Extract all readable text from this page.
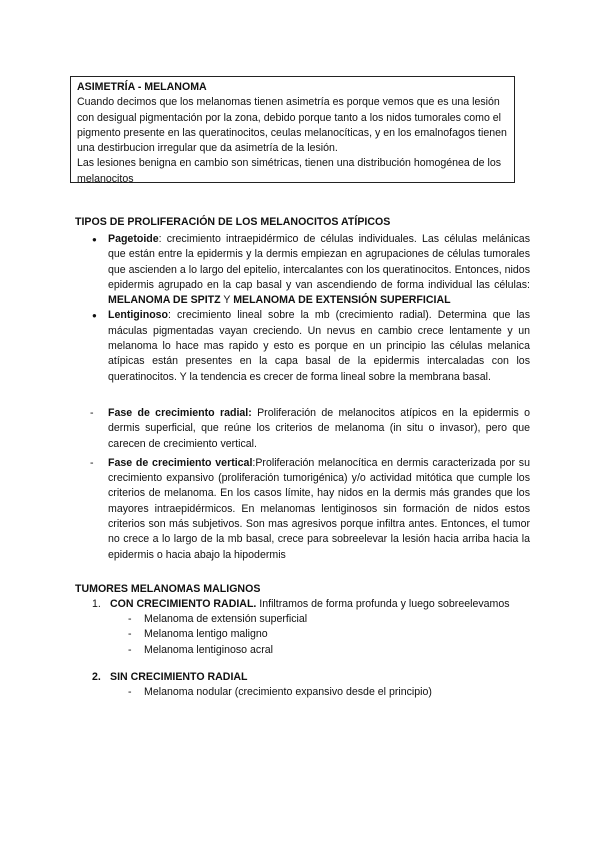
ASIMETRÍA - MELANOMA

Cuando decimos que los melanomas tienen asimetría es porque vemos que es una lesión con desigual pigmentación por la zona, debido porque tanto a los nidos tumorales como el pigmento presente en las queratinocitos, ceulas melanocíticas, y en los emalnofagos tienen una destirbucion irregular que da asimetría de la lesión.

Las lesiones benigna en cambio son simétricas, tienen una distribución homogénea de los melanocitos

TIPOS DE PROLIFERACIÓN DE LOS MELANOCITOS ATÍPICOS
● Pagetoide: crecimiento intraepidérmico de células individuales. Las células melánicas que están entre la epidermis y la dermis empiezan en agrupaciones de células tumorales que ascienden a lo largo del epitelio, intercalantes con los queratinocitos. Entonces, nidos epidermis agrupado en la cap basal y van ascendiendo de forma individual las células: MELANOMA DE SPITZ Y MELANOMA DE EXTENSIÓN SUPERFICIAL
● Lentiginoso: crecimiento lineal sobre la mb (crecimiento radial). Determina que las máculas pigmentadas vayan creciendo. Un nevus en cambio crece lentamente y un melanoma lo hace mas rapido y esto es porque en un principio las células melanica atípicas están presentes en la capa basal de la epidermis intercaladas con los queratinocitos. Y la tendencia es crecer de forma lineal sobre la membrana basal.
- Fase de crecimiento radial: Proliferación de melanocitos atípicos en la epidermis o dermis superficial, que reúne los criterios de melanoma (in situ o invasor), pero que carecen de crecimiento vertical.
- Fase de crecimiento vertical:Proliferación melanocítica en dermis caracterizada por su crecimiento expansivo (proliferación tumorigénica) y/o actividad mitótica que cumple los criterios de melanoma. En los casos límite, hay nidos en la dermis más grandes que los mayores intraepidérmicos. En melanomas lentiginosos sin formación de nidos estos criterios son más subjetivos. Son mas agresivos porque infiltra antes. Entonces, el tumor no crece a lo largo de la mb basal, crece para sobreelevar la lesión hacia arriba hacia la epidermis o hacia abajo la hipodermis
TUMORES MELANOMAS MALIGNOS
1. CON CRECIMIENTO RADIAL. Infiltramos de forma profunda y luego sobreelevamos
- Melanoma de extensión superficial
- Melanoma lentigo maligno
- Melanoma lentiginoso acral
2. SIN CRECIMIENTO RADIAL
- Melanoma nodular (crecimiento expansivo desde el principio)
